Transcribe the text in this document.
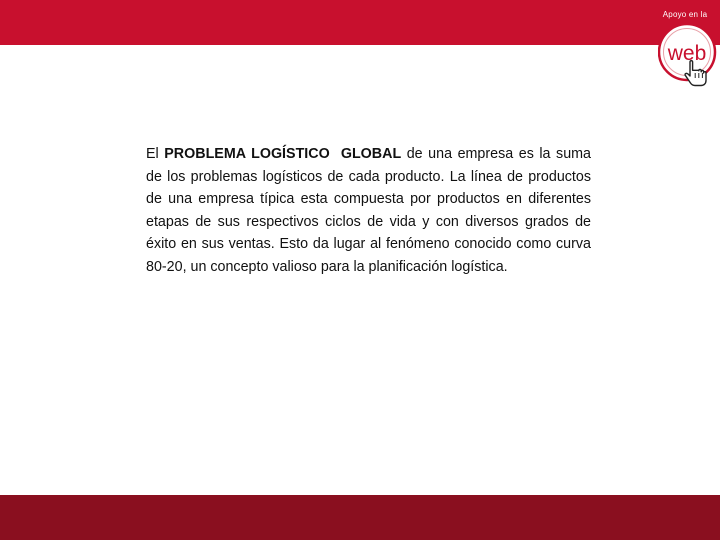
Apoyo en la
web

El PROBLEMA LOGÍSTICO GLOBAL de una empresa es la suma de los problemas logísticos de cada producto. La línea de productos de una empresa típica esta compuesta por productos en diferentes etapas de sus respectivos ciclos de vida y con diversos grados de éxito en sus ventas. Esto da lugar al fenómeno conocido como curva 80-20, un concepto valioso para la planificación logística.
